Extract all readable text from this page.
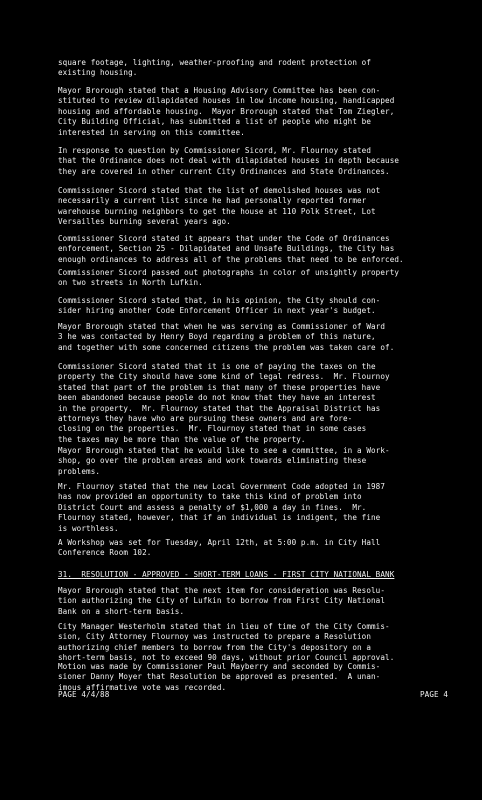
square footage, lighting, weather-proofing and rodent protection of
existing housing.

Mayor Brorough stated that a Housing Advisory Committee has been con-
stituted to review dilapidated houses in low income housing, handicapped
housing and affordable housing.  Mayor Brorough stated that Tom Ziegler,
City Building Official, has submitted a list of people who might be
interested in serving on this committee.

In response to question by Commissioner Sicord, Mr. Flournoy stated
that the Ordinance does not deal with dilapidated houses in depth because
they are covered in other current City Ordinances and State Ordinances.

Commissioner Sicord stated that the list of demolished houses was not
necessarily a current list since he had personally reported former
warehouse burning neighbors to get the house at 110 Polk Street, Lot
Versailles burning several years ago.

Commissioner Sicord stated it appears that under the Code of Ordinances
enforcement, Section 25 - Dilapidated and Unsafe Buildings, the City has
enough ordinances to address all of the problems that need to be enforced.

Commissioner Sicord passed out photographs in color of unsightly property
on two streets in North Lufkin.

Commissioner Sicord stated that, in his opinion, the City should con-
sider hiring another Code Enforcement Officer in next year's budget.

Mayor Brorough stated that when he was serving as Commissioner of Ward
3 he was contacted by Henry Boyd regarding a problem of this nature,
and together with some concerned citizens the problem was taken care of.

Commissioner Sicord stated that it is one of paying the taxes on the
property the City should have some kind of legal redress.  Mr. Flournoy
stated that part of the problem is that many of these properties have
been abandoned because people do not know that they have an interest
in the property.  Mr. Flournoy stated that the Appraisal District has
attorneys they have who are pursuing these owners and are fore-
closing on the properties.  Mr. Flournoy stated that in some cases
the taxes may be more than the value of the property.

Mayor Brorough stated that he would like to see a committee, in a Work-
shop, go over the problem areas and work towards eliminating these
problems.

Mr. Flournoy stated that the new Local Government Code adopted in 1987
has now provided an opportunity to take this kind of problem into
District Court and assess a penalty of $1,000 a day in fines.  Mr.
Flournoy stated, however, that if an individual is indigent, the fine
is worthless.

A Workshop was set for Tuesday, April 12th, at 5:00 p.m. in City Hall
Conference Room 102.

31. RESOLUTION - APPROVED - SHORT-TERM LOANS - FIRST CITY NATIONAL BANK

Mayor Brorough stated that the next item for consideration was Resolu-
tion authorizing the City of Lufkin to borrow from First City National
Bank on a short-term basis.

City Manager Westerholm stated that in lieu of time of the City Commis-
sion, City Attorney Flournoy was instructed to prepare a Resolution
authorizing chief members to borrow from the City's depository on a
short-term basis, not to exceed 90 days, without prior Council approval.

Motion was made by Commissioner Paul Mayberry and seconded by Commis-
sioner Danny Moyer that Resolution be approved as presented.  A unan-
imous affirmative vote was recorded.

PAGE 4/4/88	PAGE 4
